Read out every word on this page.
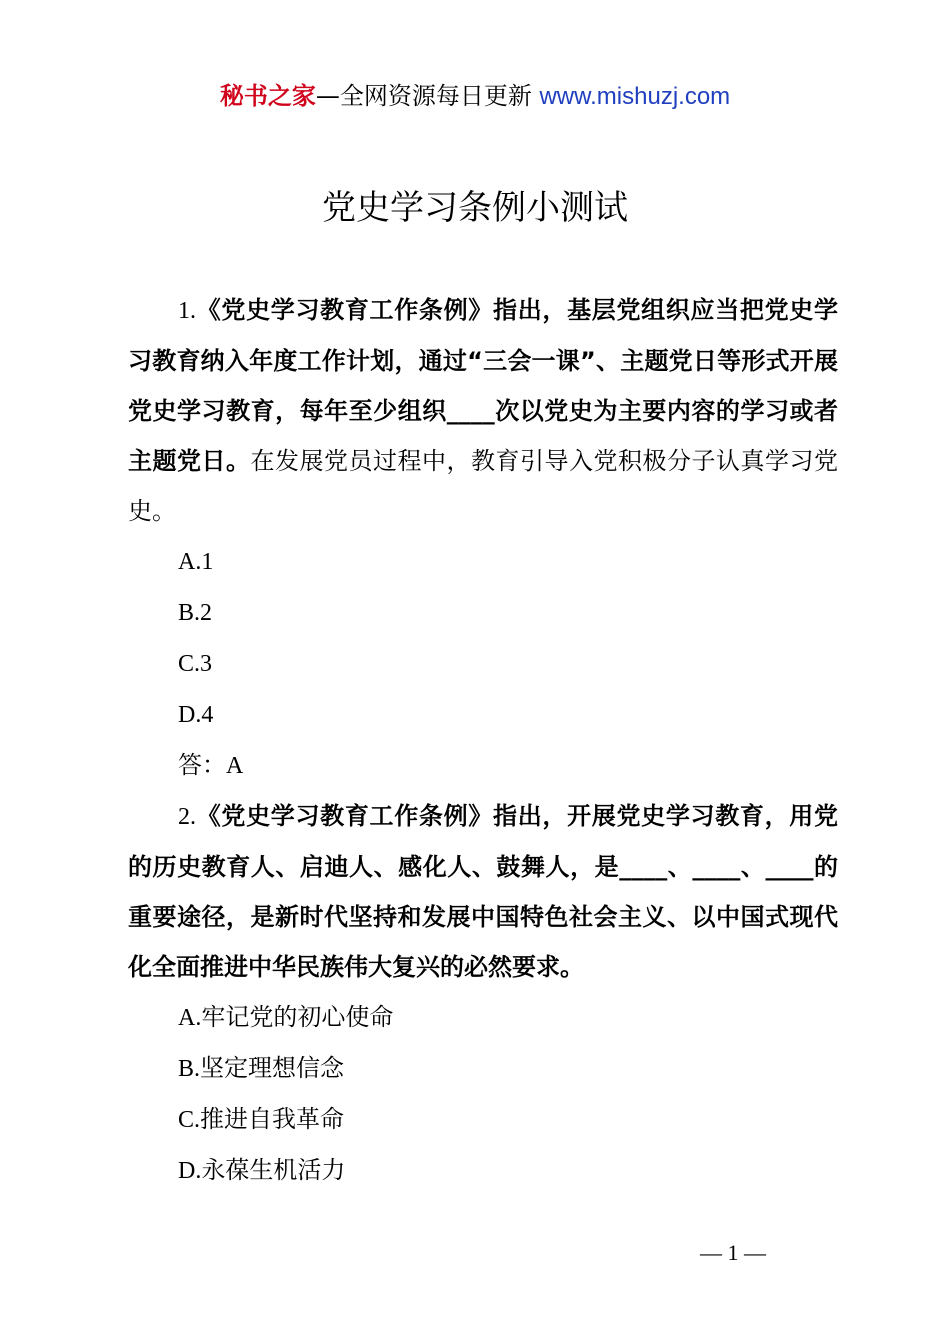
秘书之家—全网资源每日更新 www.mishuzj.com
党史学习条例小测试

1.《党史学习教育工作条例》指出，基层党组织应当把党史学习教育纳入年度工作计划，通过“三会一课”、主题党日等形式开展党史学习教育，每年至少组织____次以党史为主要内容的学习或者主题党日。在发展党员过程中，教育引导入党积极分子认真学习党史。

A.1

B.2

C.3

D.4

答：A

2.《党史学习教育工作条例》指出，开展党史学习教育，用党的历史教育人、启迪人、感化人、鼓舞人，是____、____、____的重要途径，是新时代坚持和发展中国特色社会主义、以中国式现代化全面推进中华民族伟大复兴的必然要求。

A.牢记党的初心使命

B.坚定理想信念

C.推进自我革命

D.永葆生机活力

— 1 —
